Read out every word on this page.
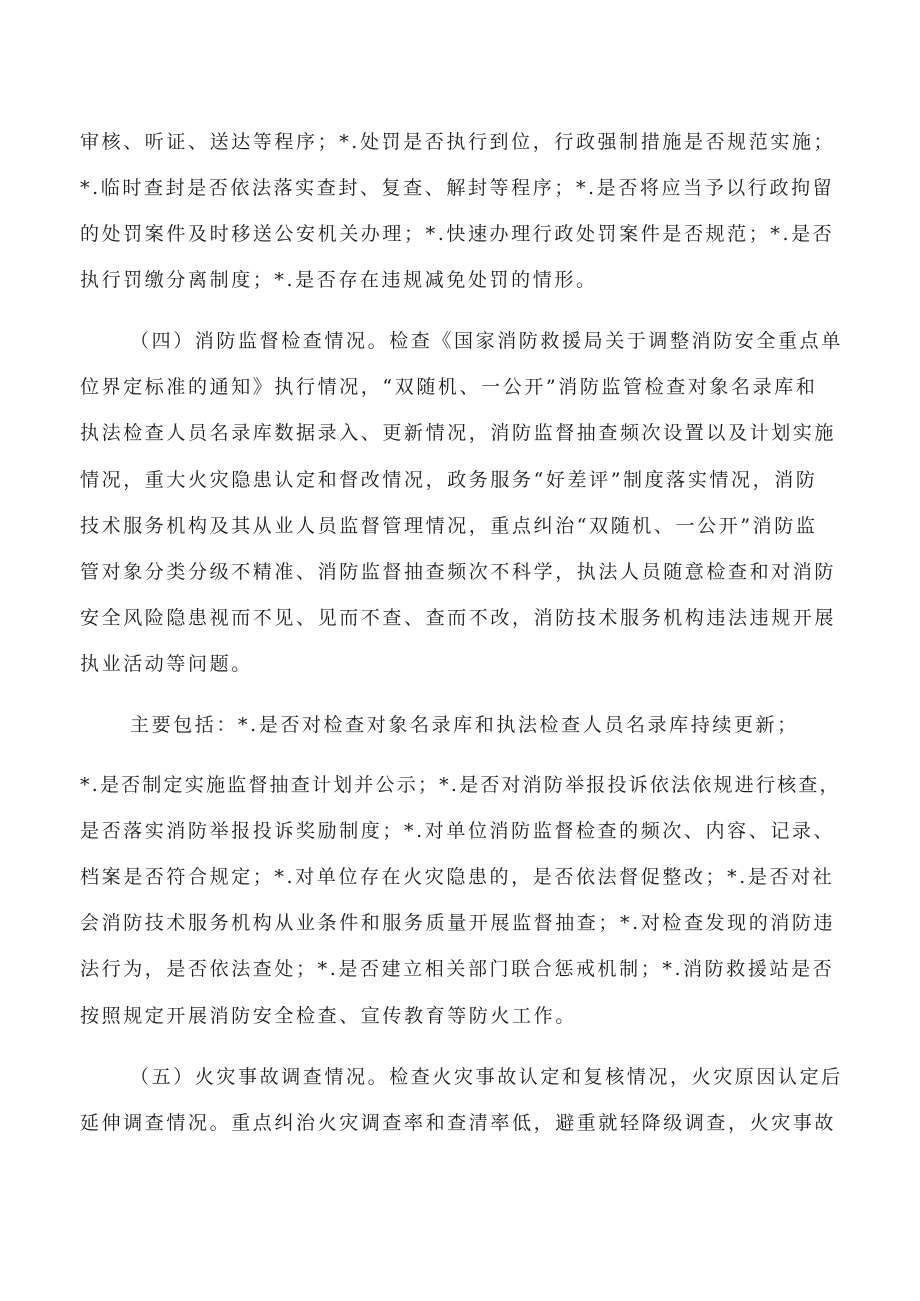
审核、听证、送达等程序；*.处罚是否执行到位，行政强制措施是否规范实施；
*.临时查封是否依法落实查封、复查、解封等程序；*.是否将应当予以行政拘留
的处罚案件及时移送公安机关办理；*.快速办理行政处罚案件是否规范；*.是否
执行罚缴分离制度；*.是否存在违规减免处罚的情形。
（四）消防监督检查情况。检查《国家消防救援局关于调整消防安全重点单
位界定标准的通知》执行情况，“双随机、一公开”消防监管检查对象名录库和
执法检查人员名录库数据录入、更新情况，消防监督抽查频次设置以及计划实施
情况，重大火灾隐患认定和督改情况，政务服务“好差评”制度落实情况，消防
技术服务机构及其从业人员监督管理情况，重点纠治“双随机、一公开”消防监
管对象分类分级不精准、消防监督抽查频次不科学，执法人员随意检查和对消防
安全风险隐患视而不见、见而不查、查而不改，消防技术服务机构违法违规开展
执业活动等问题。
主要包括：*.是否对检查对象名录库和执法检查人员名录库持续更新；
*.是否制定实施监督抽查计划并公示；*.是否对消防举报投诉依法依规进行核查，
是否落实消防举报投诉奖励制度；*.对单位消防监督检查的频次、内容、记录、
档案是否符合规定；*.对单位存在火灾隐患的，是否依法督促整改；*.是否对社
会消防技术服务机构从业条件和服务质量开展监督抽查；*.对检查发现的消防违
法行为，是否依法查处；*.是否建立相关部门联合惩戒机制；*.消防救援站是否
按照规定开展消防安全检查、宣传教育等防火工作。
（五）火灾事故调查情况。检查火灾事故认定和复核情况，火灾原因认定后
延伸调查情况。重点纠治火灾调查率和查清率低，避重就轻降级调查，火灾事故
